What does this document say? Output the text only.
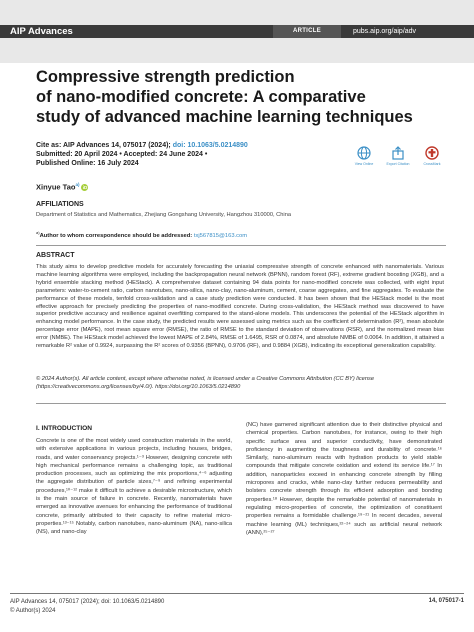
AIP Advances	ARTICLE	pubs.aip.org/aip/adv
Compressive strength prediction
of nano-modified concrete: A comparative
study of advanced machine learning techniques
Cite as: AIP Advances 14, 075017 (2024); doi: 10.1063/5.0214890
Submitted: 20 April 2024 • Accepted: 24 June 2024 •
Published Online: 16 July 2024	View Online	Export Citation	CrossMark
Xinyue Tao$^{a)}$iD
AFFILIATIONS
Department of Statistics and Mathematics, Zhejiang Gongshang University, Hangzhou 310000, China
$^{a)}$Author to whom correspondence should be addressed: txj567815@163.com
ABSTRACT
This study aims to develop predictive models for accurately forecasting the uniaxial compressive strength of concrete enhanced with nanomaterials. Various machine learning algorithms were employed, including the backpropagation neural network (BPNN), random forest (RF), extreme gradient boosting (XGB), and a hybrid ensemble stacking method (HEStack). A comprehensive dataset containing 94 data points for nano-modified concrete was collected, with eight input parameters: water-to-cement ratio, carbon nanotubes, nano-silica, nano-clay, nano-aluminum, cement, coarse aggregates, and fine aggregates. To evaluate the performance of these models, tenfold cross-validation and a case study prediction were conducted. It has been shown that the HEStack model is the most effective approach for precisely predicting the properties of nano-modified concrete. During cross-validation, the HEStack method was discovered to have superior predictive accuracy and resilience against overfitting compared to the stand-alone models. This underscores the potential of the HEStack algorithm in enhancing model performance. In the case study, the predicted results were assessed using metrics such as the coefficient of determination (R²), mean absolute percentage error (MAPE), root mean square error (RMSE), the ratio of RMSE to the standard deviation of observations (RSR), and the normalized mean bias error (NMBE). The HEStack model achieved the lowest MAPE of 2.84%, RMSE of 1.6495, RSR of 0.0874, and absolute NMBE of 0.0064. In addition, it attained a remarkable R² value of 0.9924, surpassing the R² scores of 0.9356 (BPNN), 0.9706 (RF), and 0.9884 (XGB), indicating its exceptional generalization capability.
© 2024 Author(s). All article content, except where otherwise noted, is licensed under a Creative Commons Attribution (CC BY) license (https://creativecommons.org/licenses/by/4.0/). https://doi.org/10.1063/5.0214890
I. INTRODUCTION
Concrete is one of the most widely used construction materials in the world, with extensive applications in various projects, including houses, bridges, roads, and water conservancy projects.¹⁻³ However, designing concrete with high mechanical performance remains a challenging topic, as traditional production processes, such as optimizing the mix proportions,⁴⁻⁶ adjusting the aggregate distribution of particle sizes,⁷⁻⁹ and refining experimental procedures,¹⁰⁻¹² make it difficult to achieve a desirable microstructure, which is the main source of failure in concrete. Recently, nanomaterials have emerged as innovative avenues for enhancing the performance of traditional concrete, primarily attributed to their capacity to refine material micro-properties.¹³⁻¹⁵ Notably, carbon nanotubes, nano-aluminum (NA), nano-silica (NS), and nano-clay
(NC) have garnered significant attention due to their distinctive physical and chemical properties. Carbon nanotubes, for instance, owing to their high specific surface area and superior conductivity, have demonstrated proficiency in augmenting the toughness and durability of concrete.¹⁶ Similarly, nano-aluminum reacts with hydration products to yield stable compounds that mitigate concrete oxidation and extend its service life.¹⁷ In addition, nanoparticles exceed in enhancing concrete strength by filling micropores and cracks, while nano-clay further reduces permeability and bolsters concrete strength through its efficient adsorption and bonding properties.¹⁸ However, despite the remarkable potential of nanomaterials in regulating micro-properties of concrete, the optimization of constituent properties remains a formidable challenge.¹⁹⁻²¹ In recent decades, several machine learning (ML) techniques,²²⁻²⁴ such as artificial neural network (ANN),²⁵⁻²⁷
AIP Advances 14, 075017 (2024); doi: 10.1063/5.0214890
© Author(s) 2024
14, 075017-1
